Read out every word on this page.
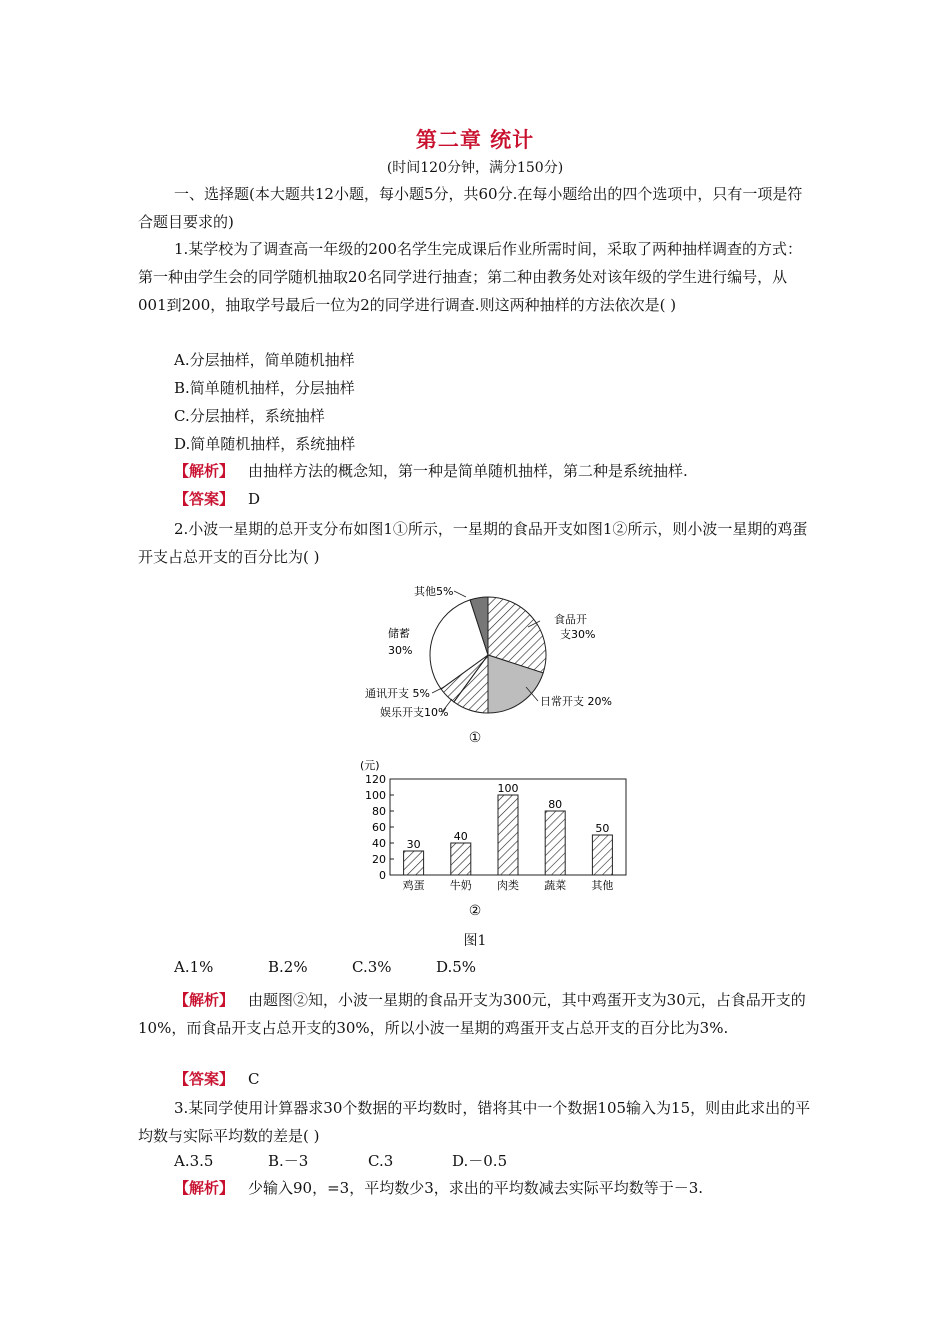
第二章 统计
(时间120分钟，满分150分)
一、选择题(本大题共12小题，每小题5分，共60分.在每小题给出的四个选项中，只有一项是符合题目要求的)
1.某学校为了调查高一年级的200名学生完成课后作业所需时间，采取了两种抽样调查的方式：第一种由学生会的同学随机抽取20名同学进行抽查；第二种由教务处对该年级的学生进行编号，从001到200，抽取学号最后一位为2的同学进行调查.则这两种抽样的方法依次是( )
A.分层抽样，简单随机抽样
B.简单随机抽样，分层抽样
C.分层抽样，系统抽样
D.简单随机抽样，系统抽样
【解析】 由抽样方法的概念知，第一种是简单随机抽样，第二种是系统抽样.
【答案】 D
2.小波一星期的总开支分布如图1①所示，一星期的食品开支如图1②所示，则小波一星期的鸡蛋开支占总开支的百分比为( )
食品开支30%
日常开支 20%
娱乐开支10%
通讯开支 5%
储蓄 30%
其他5%
①
(元)
0
20
40
60
80
100
120
30
鸡蛋
40
牛奶
100
肉类
80
蔬菜
50
其他
②
图1
A.1%	B.2%	C.3%	D.5%
【解析】 由题图②知，小波一星期的食品开支为300元，其中鸡蛋开支为30元，占食品开支的10%，而食品开支占总开支的30%，所以小波一星期的鸡蛋开支占总开支的百分比为3%.
【答案】 C
3.某同学使用计算器求30个数据的平均数时，错将其中一个数据105输入为15，则由此求出的平均数与实际平均数的差是( )
A.3.5	B.－3	C.3	D.－0.5
【解析】 少输入90，=3，平均数少3，求出的平均数减去实际平均数等于－3.
